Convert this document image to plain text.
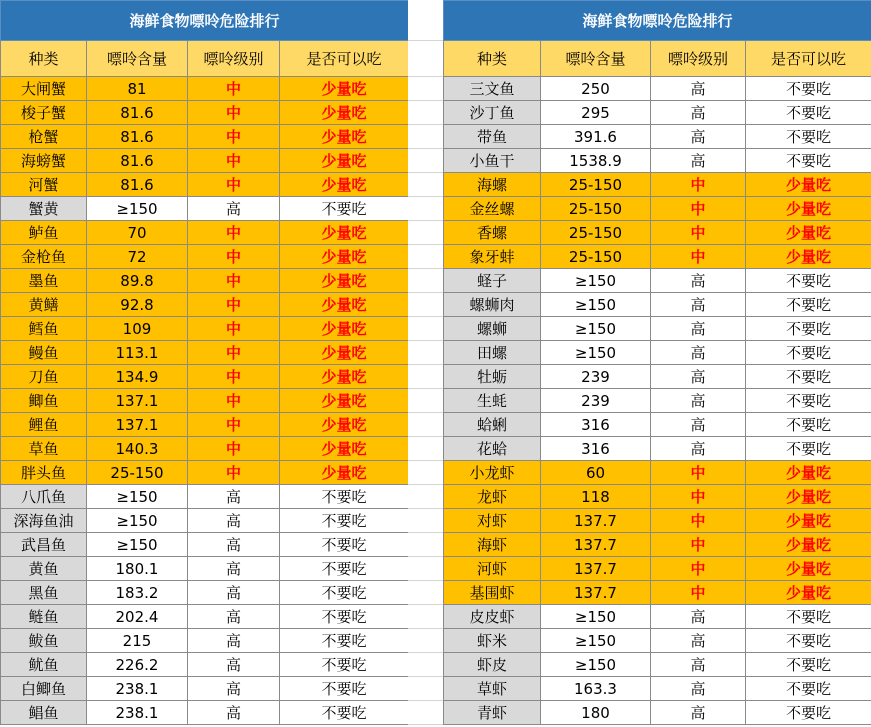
海鲜食物嘌呤危险排行			
种类	嘌呤含量	嘌呤级别	是否可以吃
大闸蟹	81	中	少量吃
梭子蟹	81.6	中	少量吃
枪蟹	81.6	中	少量吃
海螃蟹	81.6	中	少量吃
河蟹	81.6	中	少量吃
蟹黄	≥150	高	不要吃
鲈鱼	70	中	少量吃
金枪鱼	72	中	少量吃
墨鱼	89.8	中	少量吃
黄鳝	92.8	中	少量吃
鳕鱼	109	中	少量吃
鳗鱼	113.1	中	少量吃
刀鱼	134.9	中	少量吃
鲫鱼	137.1	中	少量吃
鲤鱼	137.1	中	少量吃
草鱼	140.3	中	少量吃
胖头鱼	25-150	中	少量吃
八爪鱼	≥150	高	不要吃
深海鱼油	≥150	高	不要吃
武昌鱼	≥150	高	不要吃
黄鱼	180.1	高	不要吃
黑鱼	183.2	高	不要吃
鲢鱼	202.4	高	不要吃
鲅鱼	215	高	不要吃
鱿鱼	226.2	高	不要吃
白鲫鱼	238.1	高	不要吃
鲳鱼	238.1	高	不要吃
海鲜食物嘌呤危险排行			
种类	嘌呤含量	嘌呤级别	是否可以吃
三文鱼	250	高	不要吃
沙丁鱼	295	高	不要吃
带鱼	391.6	高	不要吃
小鱼干	1538.9	高	不要吃
海螺	25-150	中	少量吃
金丝螺	25-150	中	少量吃
香螺	25-150	中	少量吃
象牙蚌	25-150	中	少量吃
蛏子	≥150	高	不要吃
螺蛳肉	≥150	高	不要吃
螺蛳	≥150	高	不要吃
田螺	≥150	高	不要吃
牡蛎	239	高	不要吃
生蚝	239	高	不要吃
蛤蜊	316	高	不要吃
花蛤	316	高	不要吃
小龙虾	60	中	少量吃
龙虾	118	中	少量吃
对虾	137.7	中	少量吃
海虾	137.7	中	少量吃
河虾	137.7	中	少量吃
基围虾	137.7	中	少量吃
皮皮虾	≥150	高	不要吃
虾米	≥150	高	不要吃
虾皮	≥150	高	不要吃
草虾	163.3	高	不要吃
青虾	180	高	不要吃
